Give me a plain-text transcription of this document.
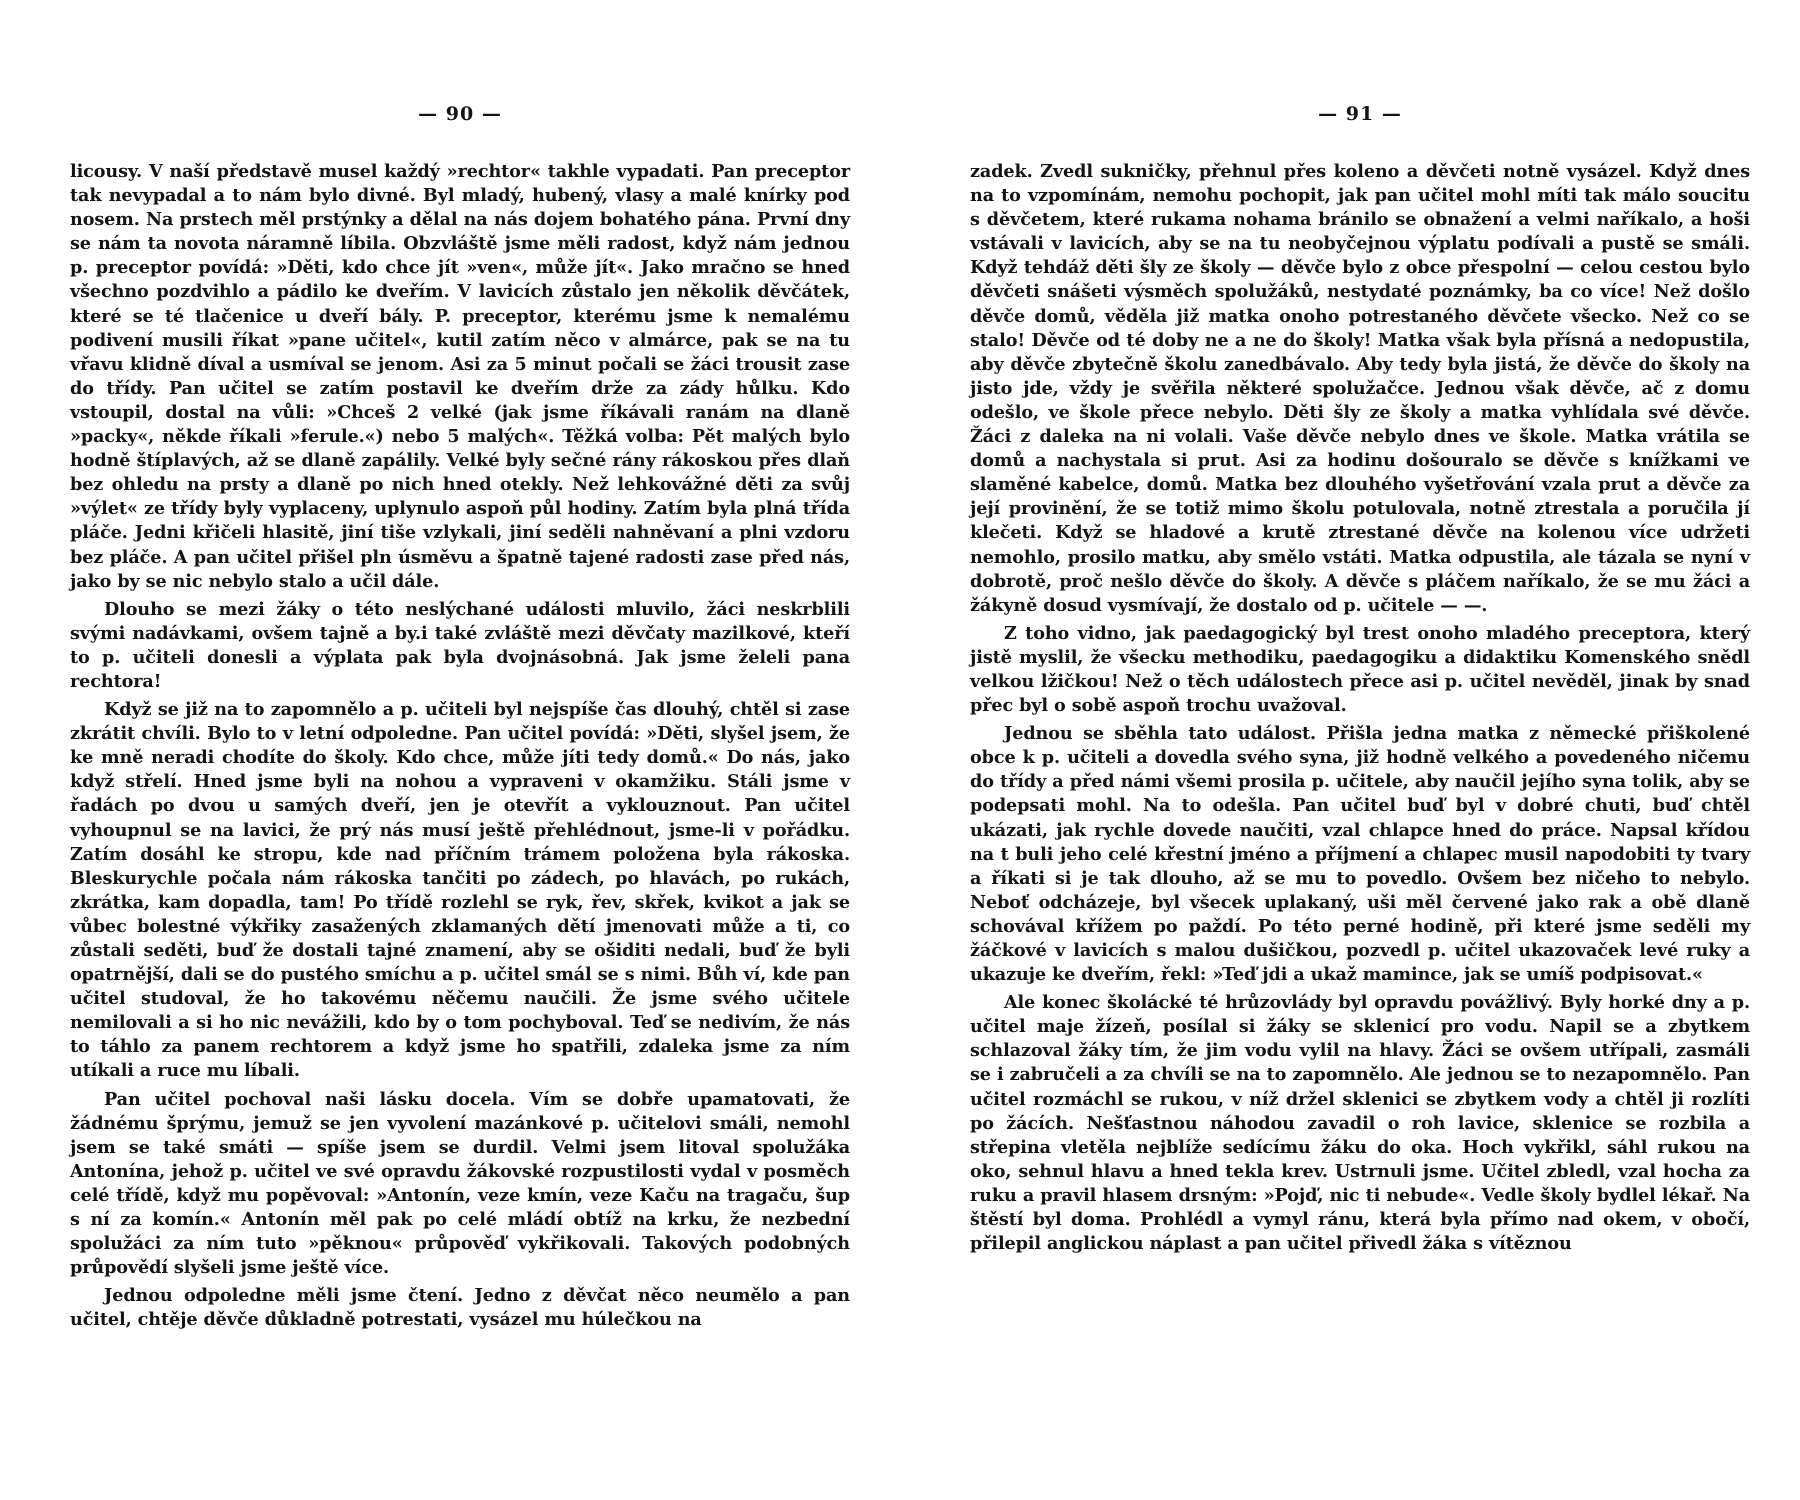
— 90 —

licousy. V naší představě musel každý »rechtor« takhle vypadati. Pan preceptor tak nevypadal a to nám bylo divné. Byl mladý, hubený, vlasy a malé knírky pod nosem. Na prstech měl prstýnky a dělal na nás dojem bohatého pána. První dny se nám ta novota náramně líbila. Obzvláště jsme měli radost, když nám jednou p. preceptor povídá: »Děti, kdo chce jít »ven«, může jít«. Jako mračno se hned všechno pozdvihlo a pádilo ke dveřím. V lavicích zůstalo jen několik děvčátek, které se té tlačenice u dveří bály. P. preceptor, kterému jsme k nemalému podivení musili říkat »pane učitel«, kutil zatím něco v almárce, pak se na tu vřavu klidně díval a usmíval se jenom. Asi za 5 minut počali se žáci trousit zase do třídy. Pan učitel se zatím postavil ke dveřím drže za zády hůlku. Kdo vstoupil, dostal na vůli: »Chceš 2 velké (jak jsme říkávali ranám na dlaně »packy«, někde říkali »ferule.«) nebo 5 malých«. Těžká volba: Pět malých bylo hodně štíplavých, až se dlaně zapálily. Velké byly sečné rány rákoskou přes dlaň bez ohledu na prsty a dlaně po nich hned otekly. Než lehkovážné děti za svůj »výlet« ze třídy byly vyplaceny, uplynulo aspoň půl hodiny. Zatím byla plná třída pláče. Jedni křičeli hlasitě, jiní tiše vzlykali, jiní seděli nahněvaní a plni vzdoru bez pláče. A pan učitel přišel pln úsměvu a špatně tajené radosti zase před nás, jako by se nic nebylo stalo a učil dále.

Dlouho se mezi žáky o této neslýchané události mluvilo, žáci neskrblili svými nadávkami, ovšem tajně a by.i také zvláště mezi děvčaty mazilkové, kteří to p. učiteli donesli a výplata pak byla dvojnásobná. Jak jsme želeli pana rechtora!

Když se již na to zapomnělo a p. učiteli byl nejspíše čas dlouhý, chtěl si zase zkrátit chvíli. Bylo to v letní odpoledne. Pan učitel povídá: »Děti, slyšel jsem, že ke mně neradi chodíte do školy. Kdo chce, může jíti tedy domů.« Do nás, jako když střelí. Hned jsme byli na nohou a vypraveni v okamžiku. Stáli jsme v řadách po dvou u samých dveří, jen je otevřít a vyklouznout. Pan učitel vyhoupnul se na lavici, že prý nás musí ještě přehlédnout, jsme-li v pořádku. Zatím dosáhl ke stropu, kde nad příčním trámem položena byla rákoska. Bleskurychle počala nám rákoska tančiti po zádech, po hlavách, po rukách, zkrátka, kam dopadla, tam! Po třídě rozlehl se ryk, řev, skřek, kvikot a jak se vůbec bolestné výkřiky zasažených zklamaných dětí jmenovati může a ti, co zůstali seděti, buď že dostali tajné znamení, aby se ošiditi nedali, buď že byli opatrnější, dali se do pustého smíchu a p. učitel smál se s nimi. Bůh ví, kde pan učitel studoval, že ho takovému něčemu naučili. Že jsme svého učitele nemilovali a si ho nic nevážili, kdo by o tom pochyboval. Teď se nedivím, že nás to táhlo za panem rechtorem a když jsme ho spatřili, zdaleka jsme za ním utíkali a ruce mu líbali.

Pan učitel pochoval naši lásku docela. Vím se dobře upamatovati, že žádnému šprýmu, jemuž se jen vyvolení mazánkové p. učitelovi smáli, nemohl jsem se také smáti — spíše jsem se durdil. Velmi jsem litoval spolužáka Antonína, jehož p. učitel ve své opravdu žákovské rozpustilosti vydal v posměch celé třídě, když mu popěvoval: »Antonín, veze kmín, veze Kaču na tragaču, šup s ní za komín.« Antonín měl pak po celé mládí obtíž na krku, že nezbední spolužáci za ním tuto »pěknou« průpověď vykřikovali. Takových podobných průpovědí slyšeli jsme ještě více.

Jednou odpoledne měli jsme čtení. Jedno z děvčat něco neumělo a pan učitel, chtěje děvče důkladně potrestati, vysázel mu húlečkou na

— 91 —

zadek. Zvedl sukničky, přehnul přes koleno a děvčeti notně vysázel. Když dnes na to vzpomínám, nemohu pochopit, jak pan učitel mohl míti tak málo soucitu s děvčetem, které rukama nohama bránilo se obnažení a velmi naříkalo, a hoši vstávali v lavicích, aby se na tu neobyčejnou výplatu podívali a pustě se smáli. Když tehdáž děti šly ze školy — děvče bylo z obce přespolní — celou cestou bylo děvčeti snášeti výsměch spolužáků, nestydaté poznámky, ba co více! Než došlo děvče domů, věděla již matka onoho potrestaného děvčete všecko. Než co se stalo! Děvče od té doby ne a ne do školy! Matka však byla přísná a nedopustila, aby děvče zbytečně školu zanedbávalo. Aby tedy byla jistá, že děvče do školy na jisto jde, vždy je svěřila některé spolužačce. Jednou však děvče, ač z domu odešlo, ve škole přece nebylo. Děti šly ze školy a matka vyhlídala své děvče. Žáci z daleka na ni volali. Vaše děvče nebylo dnes ve škole. Matka vrátila se domů a nachystala si prut. Asi za hodinu došouralo se děvče s knížkami ve slaměné kabelce, domů. Matka bez dlouhého vyšetřování vzala prut a děvče za její provinění, že se totiž mimo školu potulovala, notně ztrestala a poručila jí klečeti. Když se hladové a krutě ztrestané děvče na kolenou více udržeti nemohlo, prosilo matku, aby smělo vstáti. Matka odpustila, ale tázala se nyní v dobrotě, proč nešlo děvče do školy. A děvče s pláčem naříkalo, že se mu žáci a žákyně dosud vysmívají, že dostalo od p. učitele — —.

Z toho vidno, jak paedagogický byl trest onoho mladého preceptora, který jistě myslil, že všecku methodiku, paedagogiku a didaktiku Komenského snědl velkou lžičkou! Než o těch událostech přece asi p. učitel nevěděl, jinak by snad přec byl o sobě aspoň trochu uvažoval.

Jednou se sběhla tato událost. Přišla jedna matka z německé přiškolené obce k p. učiteli a dovedla svého syna, již hodně velkého a povedeného ničemu do třídy a před námi všemi prosila p. učitele, aby naučil jejího syna tolik, aby se podepsati mohl. Na to odešla. Pan učitel buď byl v dobré chuti, buď chtěl ukázati, jak rychle dovede naučiti, vzal chlapce hned do práce. Napsal křídou na t buli jeho celé křestní jméno a příjmení a chlapec musil napodobiti ty tvary a říkati si je tak dlouho, až se mu to povedlo. Ovšem bez ničeho to nebylo. Neboť odcházeje, byl všecek uplakaný, uši měl červené jako rak a obě dlaně schovával křížem po paždí. Po této perné hodině, při které jsme seděli my žáčkové v lavicích s malou dušičkou, pozvedl p. učitel ukazovaček levé ruky a ukazuje ke dveřím, řekl: »Teď jdi a ukaž mamince, jak se umíš podpisovat.«

Ale konec školácké té hrůzovlády byl opravdu povážlivý. Byly horké dny a p. učitel maje žízeň, posílal si žáky se sklenicí pro vodu. Napil se a zbytkem schlazoval žáky tím, že jim vodu vylil na hlavy. Žáci se ovšem utřípali, zasmáli se i zabručeli a za chvíli se na to zapomnělo. Ale jednou se to nezapomnělo. Pan učitel rozmáchl se rukou, v níž držel sklenici se zbytkem vody a chtěl ji rozlíti po žácích. Nešťastnou náhodou zavadil o roh lavice, sklenice se rozbila a střepina vletěla nejblíže sedícímu žáku do oka. Hoch vykřikl, sáhl rukou na oko, sehnul hlavu a hned tekla krev. Ustrnuli jsme. Učitel zbledl, vzal hocha za ruku a pravil hlasem drsným: »Pojď, nic ti nebude«. Vedle školy bydlel lékař. Na štěstí byl doma. Prohlédl a vymyl ránu, která byla přímo nad okem, v obočí, přilepil anglickou náplast a pan učitel přivedl žáka s vítěznou
